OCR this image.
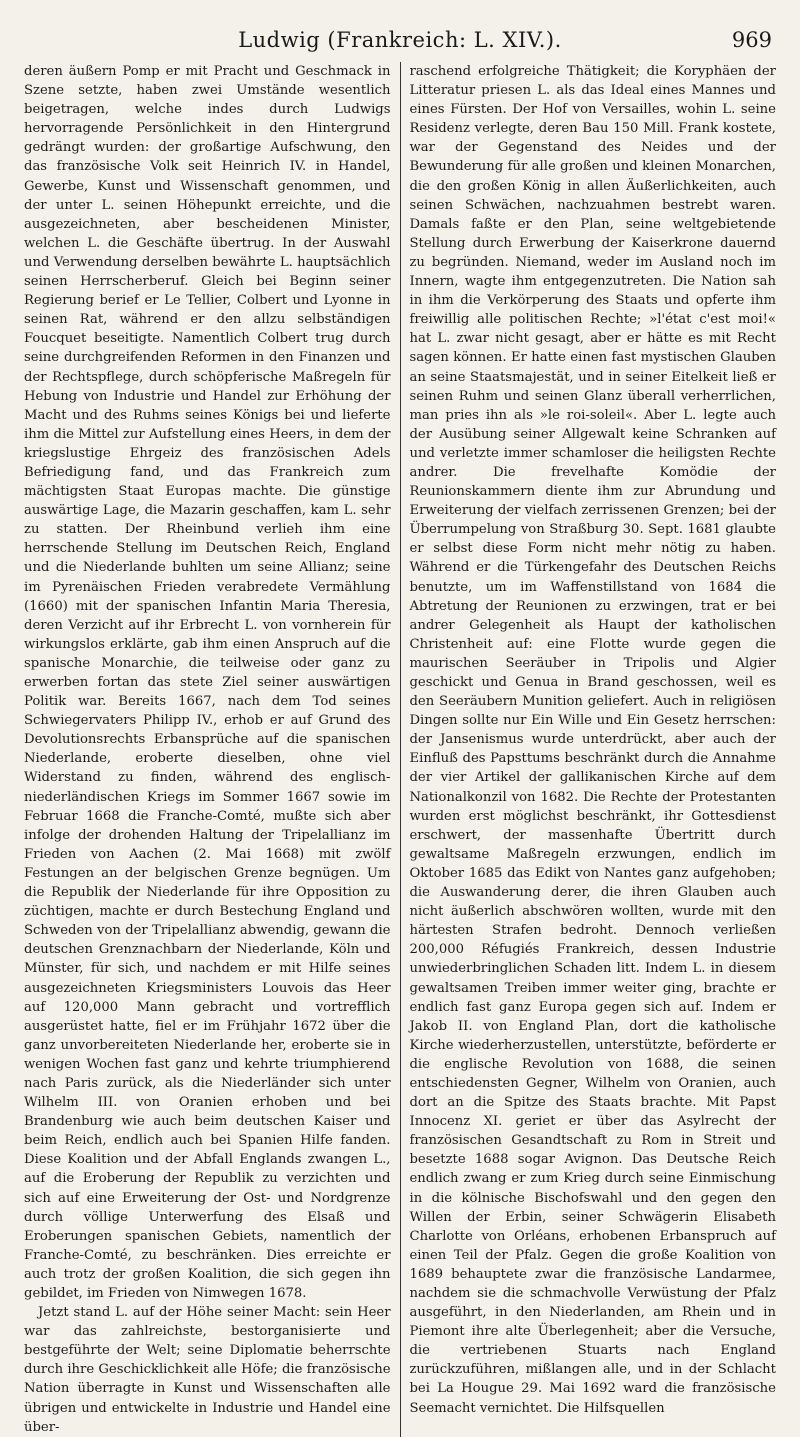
Ludwig (Frankreich: L. XIV.).	969

deren äußern Pomp er mit Pracht und Geschmack in Szene setzte, haben zwei Umstände wesentlich beigetragen, welche indes durch Ludwigs hervorragende Persönlichkeit in den Hintergrund gedrängt wurden: der großartige Aufschwung, den das französische Volk seit Heinrich IV. in Handel, Gewerbe, Kunst und Wissenschaft genommen, und der unter L. seinen Höhepunkt erreichte, und die ausgezeichneten, aber bescheidenen Minister, welchen L. die Geschäfte übertrug. In der Auswahl und Verwendung derselben bewährte L. hauptsächlich seinen Herrscherberuf. Gleich bei Beginn seiner Regierung berief er Le Tellier, Colbert und Lyonne in seinen Rat, während er den allzu selbständigen Foucquet beseitigte. Namentlich Colbert trug durch seine durchgreifenden Reformen in den Finanzen und der Rechtspflege, durch schöpferische Maßregeln für Hebung von Industrie und Handel zur Erhöhung der Macht und des Ruhms seines Königs bei und lieferte ihm die Mittel zur Aufstellung eines Heers, in dem der kriegslustige Ehrgeiz des französischen Adels Befriedigung fand, und das Frankreich zum mächtigsten Staat Europas machte. Die günstige auswärtige Lage, die Mazarin geschaffen, kam L. sehr zu statten. Der Rheinbund verlieh ihm eine herrschende Stellung im Deutschen Reich, England und die Niederlande buhlten um seine Allianz; seine im Pyrenäischen Frieden verabredete Vermählung (1660) mit der spanischen Infantin Maria Theresia, deren Verzicht auf ihr Erbrecht L. von vornherein für wirkungslos erklärte, gab ihm einen Anspruch auf die spanische Monarchie, die teilweise oder ganz zu erwerben fortan das stete Ziel seiner auswärtigen Politik war. Bereits 1667, nach dem Tod seines Schwiegervaters Philipp IV., erhob er auf Grund des Devolutionsrechts Erbansprüche auf die spanischen Niederlande, eroberte dieselben, ohne viel Widerstand zu finden, während des englisch-niederländischen Kriegs im Sommer 1667 sowie im Februar 1668 die Franche-Comté, mußte sich aber infolge der drohenden Haltung der Tripelallianz im Frieden von Aachen (2. Mai 1668) mit zwölf Festungen an der belgischen Grenze begnügen. Um die Republik der Niederlande für ihre Opposition zu züchtigen, machte er durch Bestechung England und Schweden von der Tripelallianz abwendig, gewann die deutschen Grenznachbarn der Niederlande, Köln und Münster, für sich, und nachdem er mit Hilfe seines ausgezeichneten Kriegsministers Louvois das Heer auf 120,000 Mann gebracht und vortrefflich ausgerüstet hatte, fiel er im Frühjahr 1672 über die ganz unvorbereiteten Niederlande her, eroberte sie in wenigen Wochen fast ganz und kehrte triumphierend nach Paris zurück, als die Niederländer sich unter Wilhelm III. von Oranien erhoben und bei Brandenburg wie auch beim deutschen Kaiser und beim Reich, endlich auch bei Spanien Hilfe fanden. Diese Koalition und der Abfall Englands zwangen L., auf die Eroberung der Republik zu verzichten und sich auf eine Erweiterung der Ost- und Nordgrenze durch völlige Unterwerfung des Elsaß und Eroberungen spanischen Gebiets, namentlich der Franche-Comté, zu beschränken. Dies erreichte er auch trotz der großen Koalition, die sich gegen ihn gebildet, im Frieden von Nimwegen 1678.

Jetzt stand L. auf der Höhe seiner Macht: sein Heer war das zahlreichste, bestorganisierte und bestgeführte der Welt; seine Diplomatie beherrschte durch ihre Geschicklichkeit alle Höfe; die französische Nation überragte in Kunst und Wissenschaften alle übrigen und entwickelte in Industrie und Handel eine über-

raschend erfolgreiche Thätigkeit; die Koryphäen der Litteratur priesen L. als das Ideal eines Mannes und eines Fürsten. Der Hof von Versailles, wohin L. seine Residenz verlegte, deren Bau 150 Mill. Frank kostete, war der Gegenstand des Neides und der Bewunderung für alle großen und kleinen Monarchen, die den großen König in allen Äußerlichkeiten, auch seinen Schwächen, nachzuahmen bestrebt waren. Damals faßte er den Plan, seine weltgebietende Stellung durch Erwerbung der Kaiserkrone dauernd zu begründen. Niemand, weder im Ausland noch im Innern, wagte ihm entgegenzutreten. Die Nation sah in ihm die Verkörperung des Staats und opferte ihm freiwillig alle politischen Rechte; »l'état c'est moi!« hat L. zwar nicht gesagt, aber er hätte es mit Recht sagen können. Er hatte einen fast mystischen Glauben an seine Staatsmajestät, und in seiner Eitelkeit ließ er seinen Ruhm und seinen Glanz überall verherrlichen, man pries ihn als »le roi-soleil«. Aber L. legte auch der Ausübung seiner Allgewalt keine Schranken auf und verletzte immer schamloser die heiligsten Rechte andrer. Die frevelhafte Komödie der Reunionskammern diente ihm zur Abrundung und Erweiterung der vielfach zerrissenen Grenzen; bei der Überrumpelung von Straßburg 30. Sept. 1681 glaubte er selbst diese Form nicht mehr nötig zu haben. Während er die Türkengefahr des Deutschen Reichs benutzte, um im Waffenstillstand von 1684 die Abtretung der Reunionen zu erzwingen, trat er bei andrer Gelegenheit als Haupt der katholischen Christenheit auf: eine Flotte wurde gegen die maurischen Seeräuber in Tripolis und Algier geschickt und Genua in Brand geschossen, weil es den Seeräubern Munition geliefert. Auch in religiösen Dingen sollte nur Ein Wille und Ein Gesetz herrschen: der Jansenismus wurde unterdrückt, aber auch der Einfluß des Papsttums beschränkt durch die Annahme der vier Artikel der gallikanischen Kirche auf dem Nationalkonzil von 1682. Die Rechte der Protestanten wurden erst möglichst beschränkt, ihr Gottesdienst erschwert, der massenhafte Übertritt durch gewaltsame Maßregeln erzwungen, endlich im Oktober 1685 das Edikt von Nantes ganz aufgehoben; die Auswanderung derer, die ihren Glauben auch nicht äußerlich abschwören wollten, wurde mit den härtesten Strafen bedroht. Dennoch verließen 200,000 Réfugiés Frankreich, dessen Industrie unwiederbringlichen Schaden litt. Indem L. in diesem gewaltsamen Treiben immer weiter ging, brachte er endlich fast ganz Europa gegen sich auf. Indem er Jakob II. von England Plan, dort die katholische Kirche wiederherzustellen, unterstützte, beförderte er die englische Revolution von 1688, die seinen entschiedensten Gegner, Wilhelm von Oranien, auch dort an die Spitze des Staats brachte. Mit Papst Innocenz XI. geriet er über das Asylrecht der französischen Gesandtschaft zu Rom in Streit und besetzte 1688 sogar Avignon. Das Deutsche Reich endlich zwang er zum Krieg durch seine Einmischung in die kölnische Bischofswahl und den gegen den Willen der Erbin, seiner Schwägerin Elisabeth Charlotte von Orléans, erhobenen Erbanspruch auf einen Teil der Pfalz. Gegen die große Koalition von 1689 behauptete zwar die französische Landarmee, nachdem sie die schmachvolle Verwüstung der Pfalz ausgeführt, in den Niederlanden, am Rhein und in Piemont ihre alte Überlegenheit; aber die Versuche, die vertriebenen Stuarts nach England zurückzuführen, mißlangen alle, und in der Schlacht bei La Hougue 29. Mai 1692 ward die französische Seemacht vernichtet. Die Hilfsquellen
